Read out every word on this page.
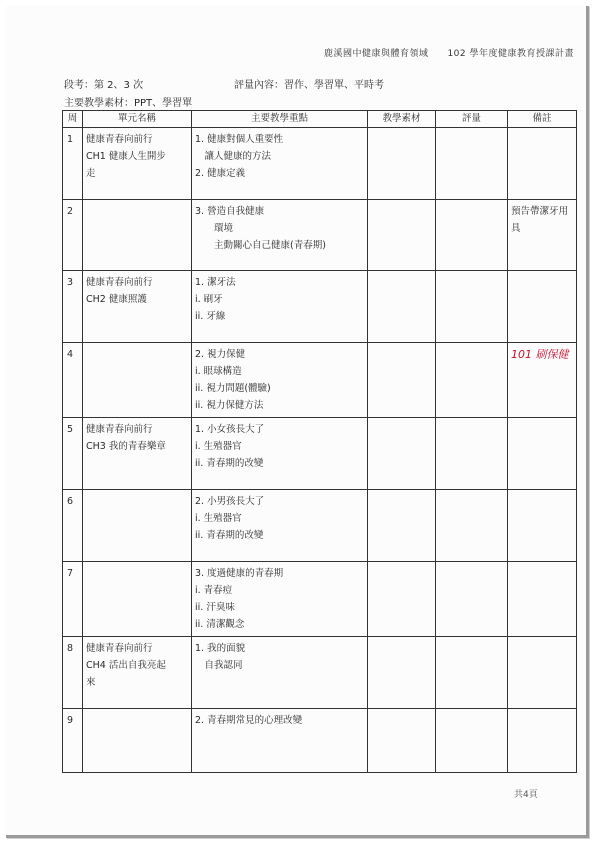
鹿溪國中健康與體育領域　　102 學年度健康教育授課計畫
段考：第 2、3 次	評量內容：習作、學習單、平時考
主要教學素材：PPT、學習單
周	單元名稱	主要教學重點	教學素材	評量	備註
1	健康青春向前行
CH1 健康人生開步
走	1. 健康對個人重要性
　讓人健康的方法
2. 健康定義			

2		3. 營造自我健康
　　環境
　　主動關心自己健康(青春期)			預告帶潔牙用具
3	健康青春向前行
CH2 健康照護	1. 潔牙法
i. 刷牙
ii. 牙線			

4		2. 視力保健
i. 眼球構造
ii. 視力問題(體驗)
ii. 視力保健方法			101 刷保健
5	健康青春向前行
CH3 我的青春樂章	1. 小女孩長大了
i. 生殖器官
ii. 青春期的改變			

6		2. 小男孩長大了
i. 生殖器官
ii. 青春期的改變			

7		3. 度過健康的青春期
i. 青春痘
ii. 汗臭味
ii. 清潔觀念			

8	健康青春向前行
CH4 活出自我亮起
來	1. 我的面貌
　自我認同			

9		2. 青春期常見的心理改變			

共4頁
